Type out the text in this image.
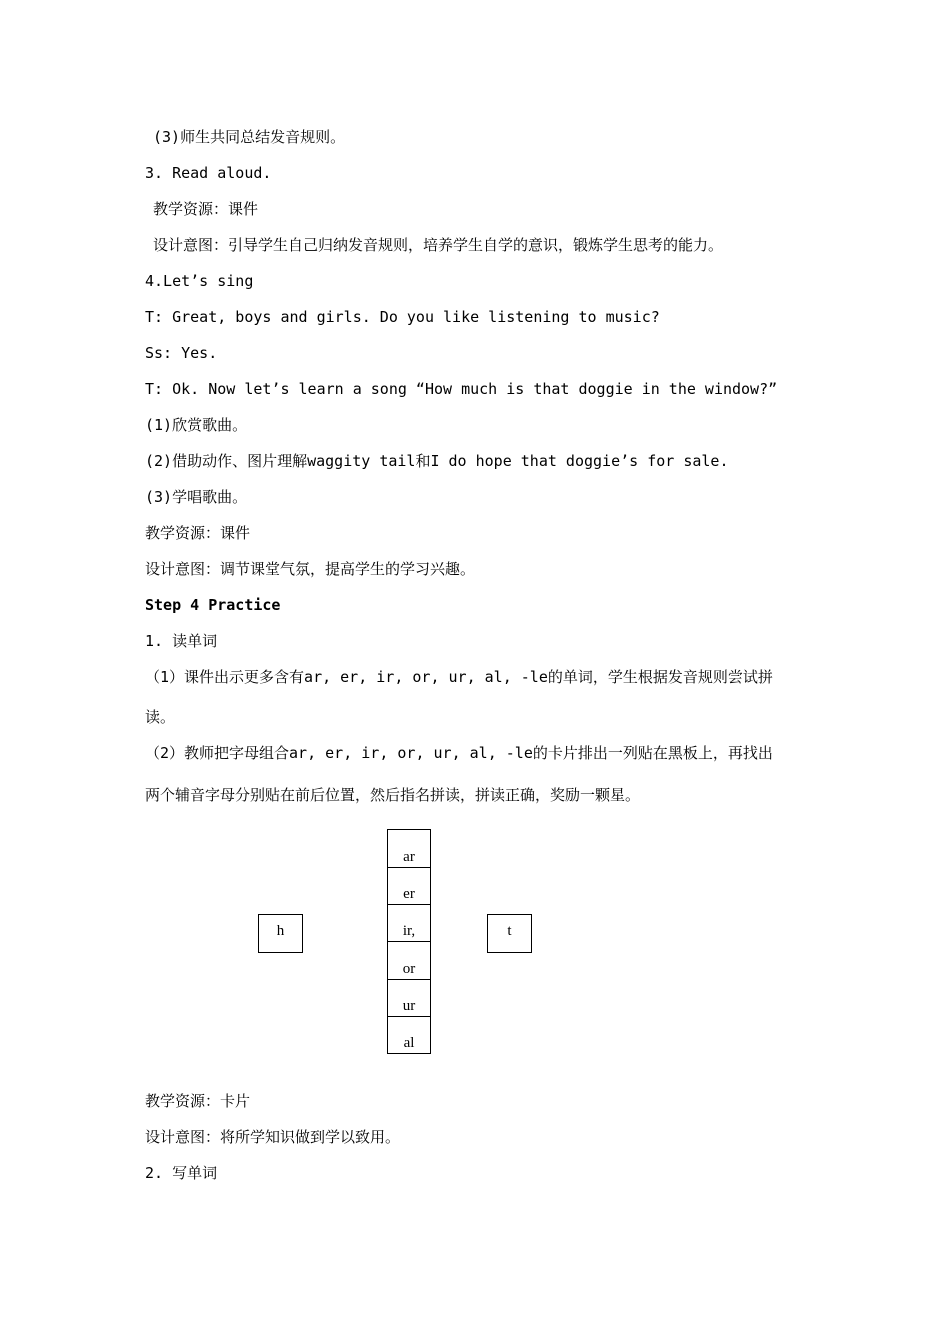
(3)师生共同总结发音规则。

3. Read aloud.

教学资源：课件

设计意图：引导学生自己归纳发音规则，培养学生自学的意识，锻炼学生思考的能力。

4.Let’s sing

T: Great, boys and girls. Do you like listening to music?

Ss: Yes.

T: Ok. Now let’s learn a song “How much is that doggie in the window?”

(1)欣赏歌曲。

(2)借助动作、图片理解waggity tail和I do hope that doggie’s for sale.

(3)学唱歌曲。

教学资源：课件

设计意图：调节课堂气氛，提高学生的学习兴趣。

Step 4 Practice

1. 读单词

（1）课件出示更多含有ar, er, ir, or, ur, al, -le的单词，学生根据发音规则尝试拼

读。

（2）教师把字母组合ar, er, ir, or, ur, al, -le的卡片排出一列贴在黑板上，再找出

两个辅音字母分别贴在前后位置，然后指名拼读，拼读正确，奖励一颗星。

h
ar
er
ir,
or
ur
al
t

教学资源：卡片

设计意图：将所学知识做到学以致用。

2. 写单词
